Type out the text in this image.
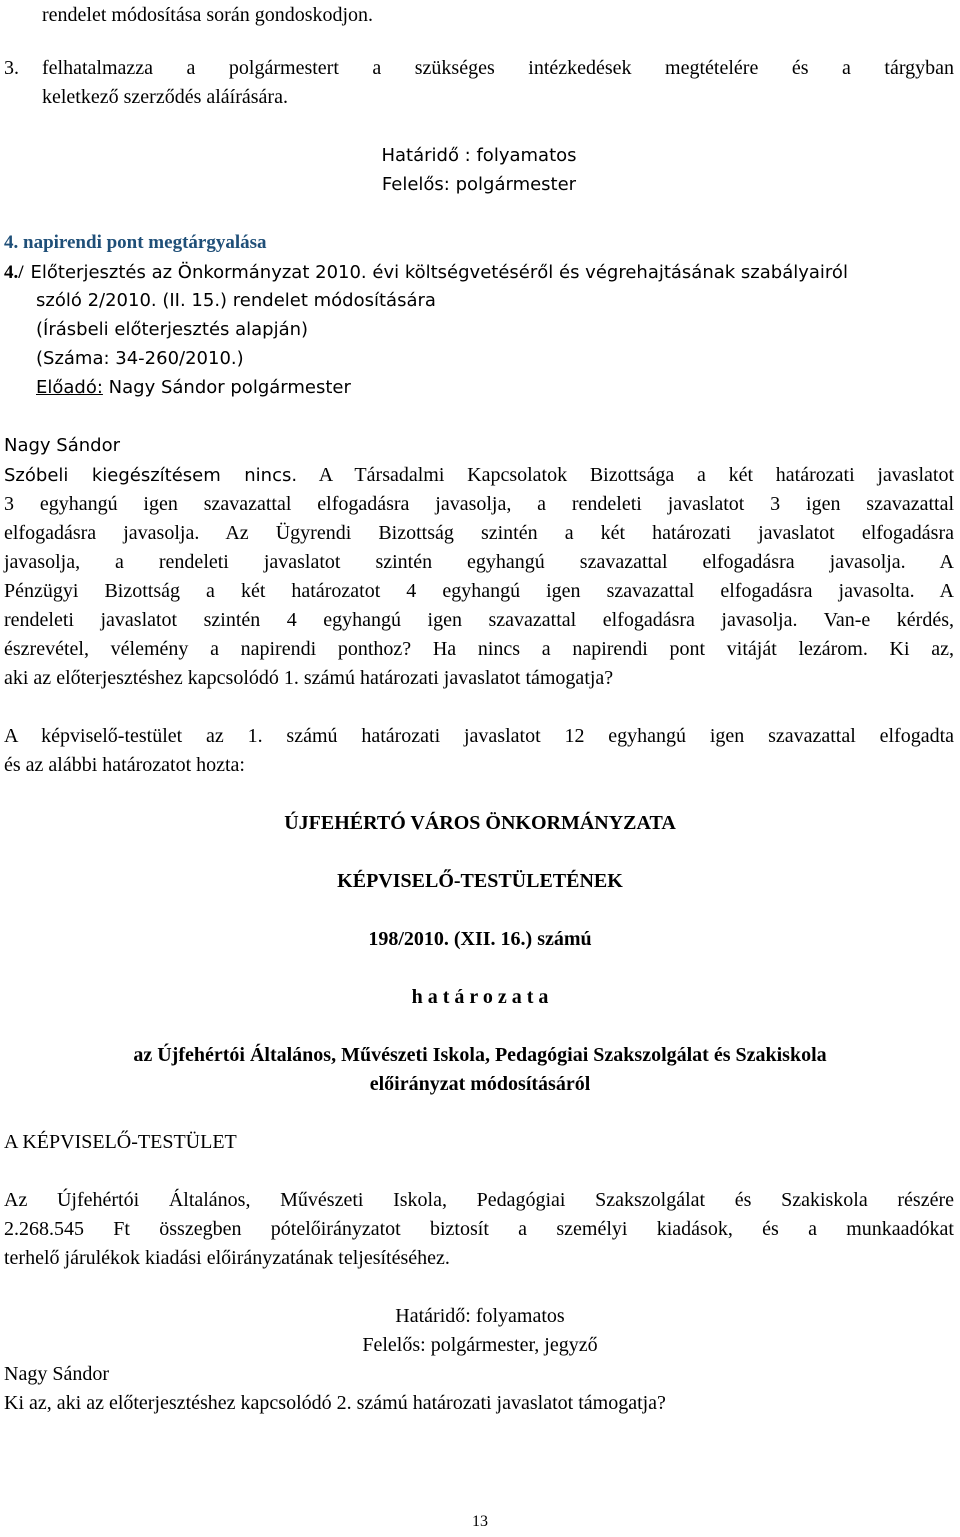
rendelet módosítása során gondoskodjon.
3. felhatalmazza a polgármestert a szükséges intézkedések megtételére és a tárgyban
keletkező szerződés aláírására.
Határidő : folyamatos
Felelős: polgármester
4. napirendi pont megtárgyalása
4./ Előterjesztés az Önkormányzat 2010. évi költségvetéséről és végrehajtásának szabályairól
szóló 2/2010. (II. 15.) rendelet módosítására
(Írásbeli előterjesztés alapján)
(Száma: 34-260/2010.)
Előadó: Nagy Sándor polgármester
Nagy Sándor
Szóbeli kiegészítésem nincs. A Társadalmi Kapcsolatok Bizottsága a két határozati javaslatot
3 egyhangú igen szavazattal elfogadásra javasolja, a rendeleti javaslatot 3 igen szavazattal
elfogadásra javasolja. Az Ügyrendi Bizottság szintén a két határozati javaslatot elfogadásra
javasolja, a rendeleti javaslatot szintén egyhangú szavazattal elfogadásra javasolja. A
Pénzügyi Bizottság a két határozatot 4 egyhangú igen szavazattal elfogadásra javasolta. A
rendeleti javaslatot szintén 4 egyhangú igen szavazattal elfogadásra javasolja. Van-e kérdés,
észrevétel, vélemény a napirendi ponthoz? Ha nincs a napirendi pont vitáját lezárom. Ki az,
aki az előterjesztéshez kapcsolódó 1. számú határozati javaslatot támogatja?
A képviselő-testület az 1. számú határozati javaslatot 12 egyhangú igen szavazattal elfogadta
és az alábbi határozatot hozta:
ÚJFEHÉRTÓ VÁROS ÖNKORMÁNYZATA
KÉPVISELŐ-TESTÜLETÉNEK
198/2010. (XII. 16.) számú
h a t á r o z a t a
az Újfehértói Általános, Művészeti Iskola, Pedagógiai Szakszolgálat és Szakiskola
előirányzat módosításáról
A KÉPVISELŐ-TESTÜLET
Az Újfehértói Általános, Művészeti Iskola, Pedagógiai Szakszolgálat és Szakiskola részére
2.268.545 Ft összegben pótelőirányzatot biztosít a személyi kiadások, és a munkaadókat
terhelő járulékok kiadási előirányzatának teljesítéséhez.
Határidő: folyamatos
Felelős: polgármester, jegyző
Nagy Sándor
Ki az, aki az előterjesztéshez kapcsolódó 2. számú határozati javaslatot támogatja?
13
